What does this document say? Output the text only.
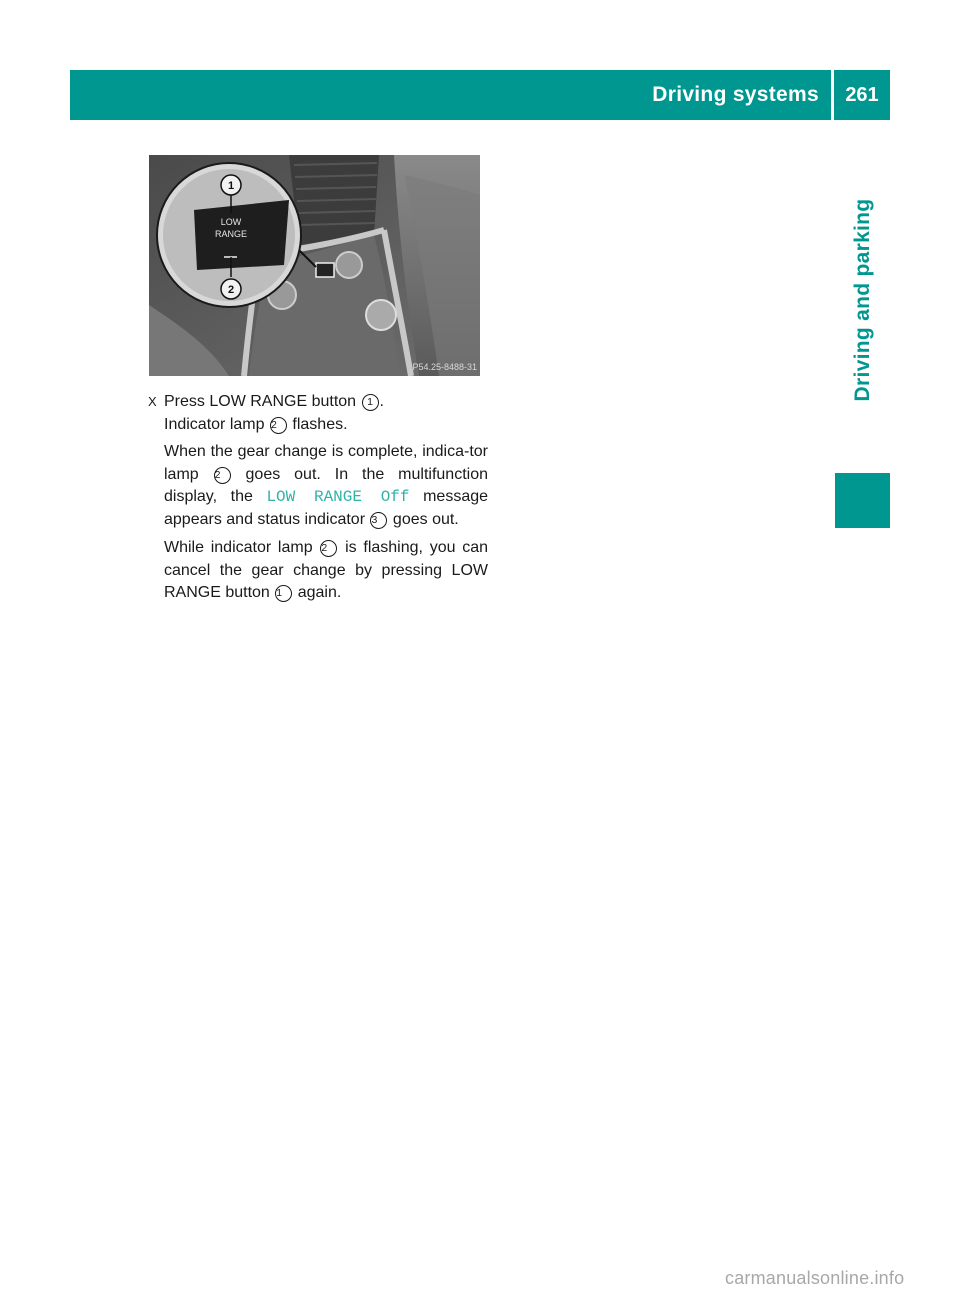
Driving systems	261
Driving and parking
LOW
RANGE
1
2
P54.25-8488-31

X Press LOW RANGE button 1 .

Indicator lamp 2 flashes.

When the gear change is complete, indica-tor lamp 2 goes out. In the multifunction display, the LOW RANGE Off message appears and status indicator 3 goes out.

While indicator lamp 2 is flashing, you can cancel the gear change by pressing LOW RANGE button 1 again.

carmanualsonline.info
